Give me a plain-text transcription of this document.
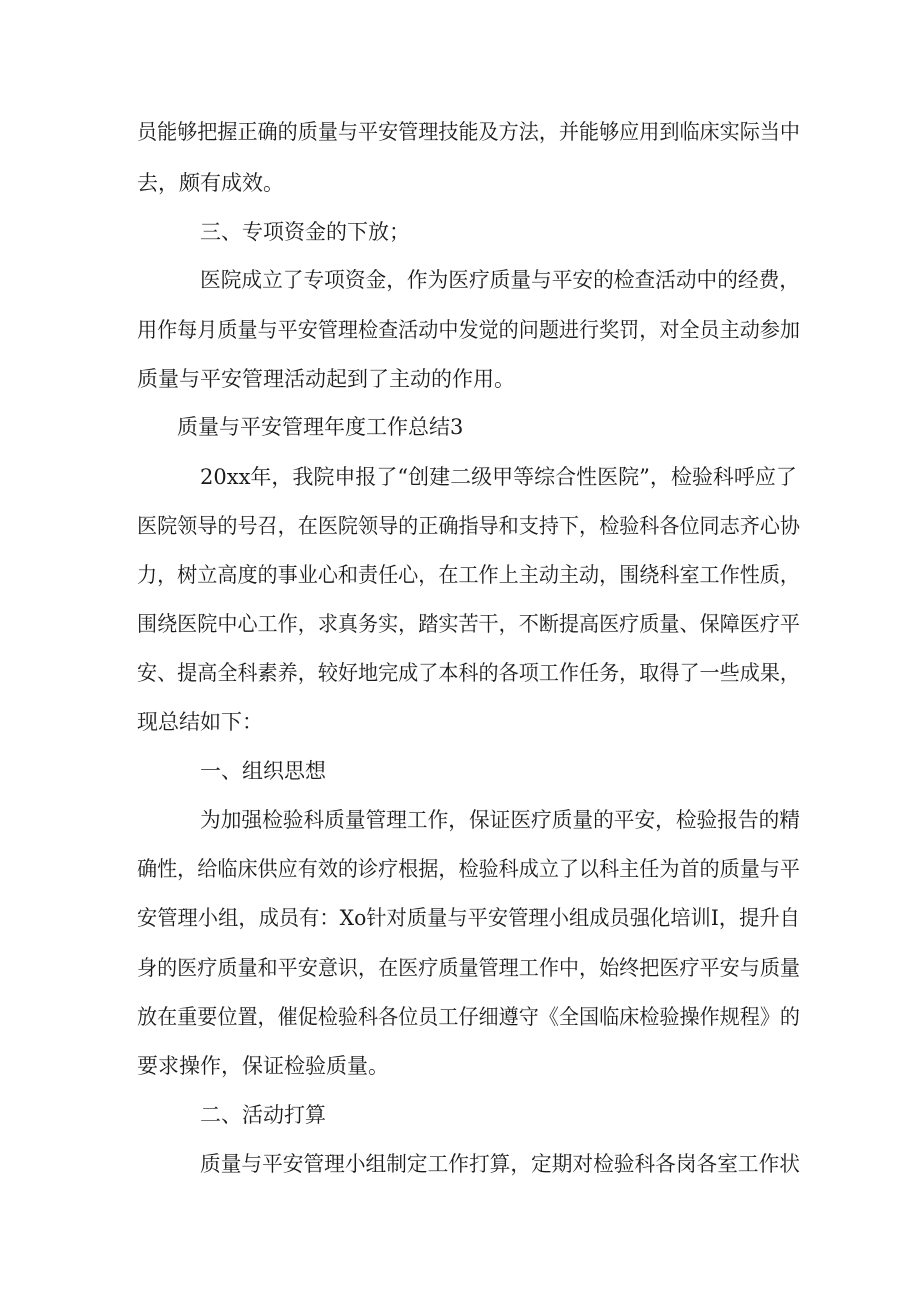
员能够把握正确的质量与平安管理技能及方法，并能够应用到临床实际当中
去，颇有成效。
三、专项资金的下放；
医院成立了专项资金，作为医疗质量与平安的检查活动中的经费，
用作每月质量与平安管理检查活动中发觉的问题进行奖罚，对全员主动参加
质量与平安管理活动起到了主动的作用。
质量与平安管理年度工作总结3
20xx年，我院申报了“创建二级甲等综合性医院”，检验科呼应了
医院领导的号召，在医院领导的正确指导和支持下，检验科各位同志齐心协
力，树立高度的事业心和责任心，在工作上主动主动，围绕科室工作性质，
围绕医院中心工作，求真务实，踏实苦干，不断提高医疗质量、保障医疗平
安、提高全科素养，较好地完成了本科的各项工作任务，取得了一些成果，
现总结如下：
一、组织思想
为加强检验科质量管理工作，保证医疗质量的平安，检验报告的精
确性，给临床供应有效的诊疗根据，检验科成立了以科主任为首的质量与平
安管理小组，成员有：Xo针对质量与平安管理小组成员强化培训I，提升自
身的医疗质量和平安意识，在医疗质量管理工作中，始终把医疗平安与质量
放在重要位置，催促检验科各位员工仔细遵守《全国临床检验操作规程》的
要求操作，保证检验质量。
二、活动打算
质量与平安管理小组制定工作打算，定期对检验科各岗各室工作状
